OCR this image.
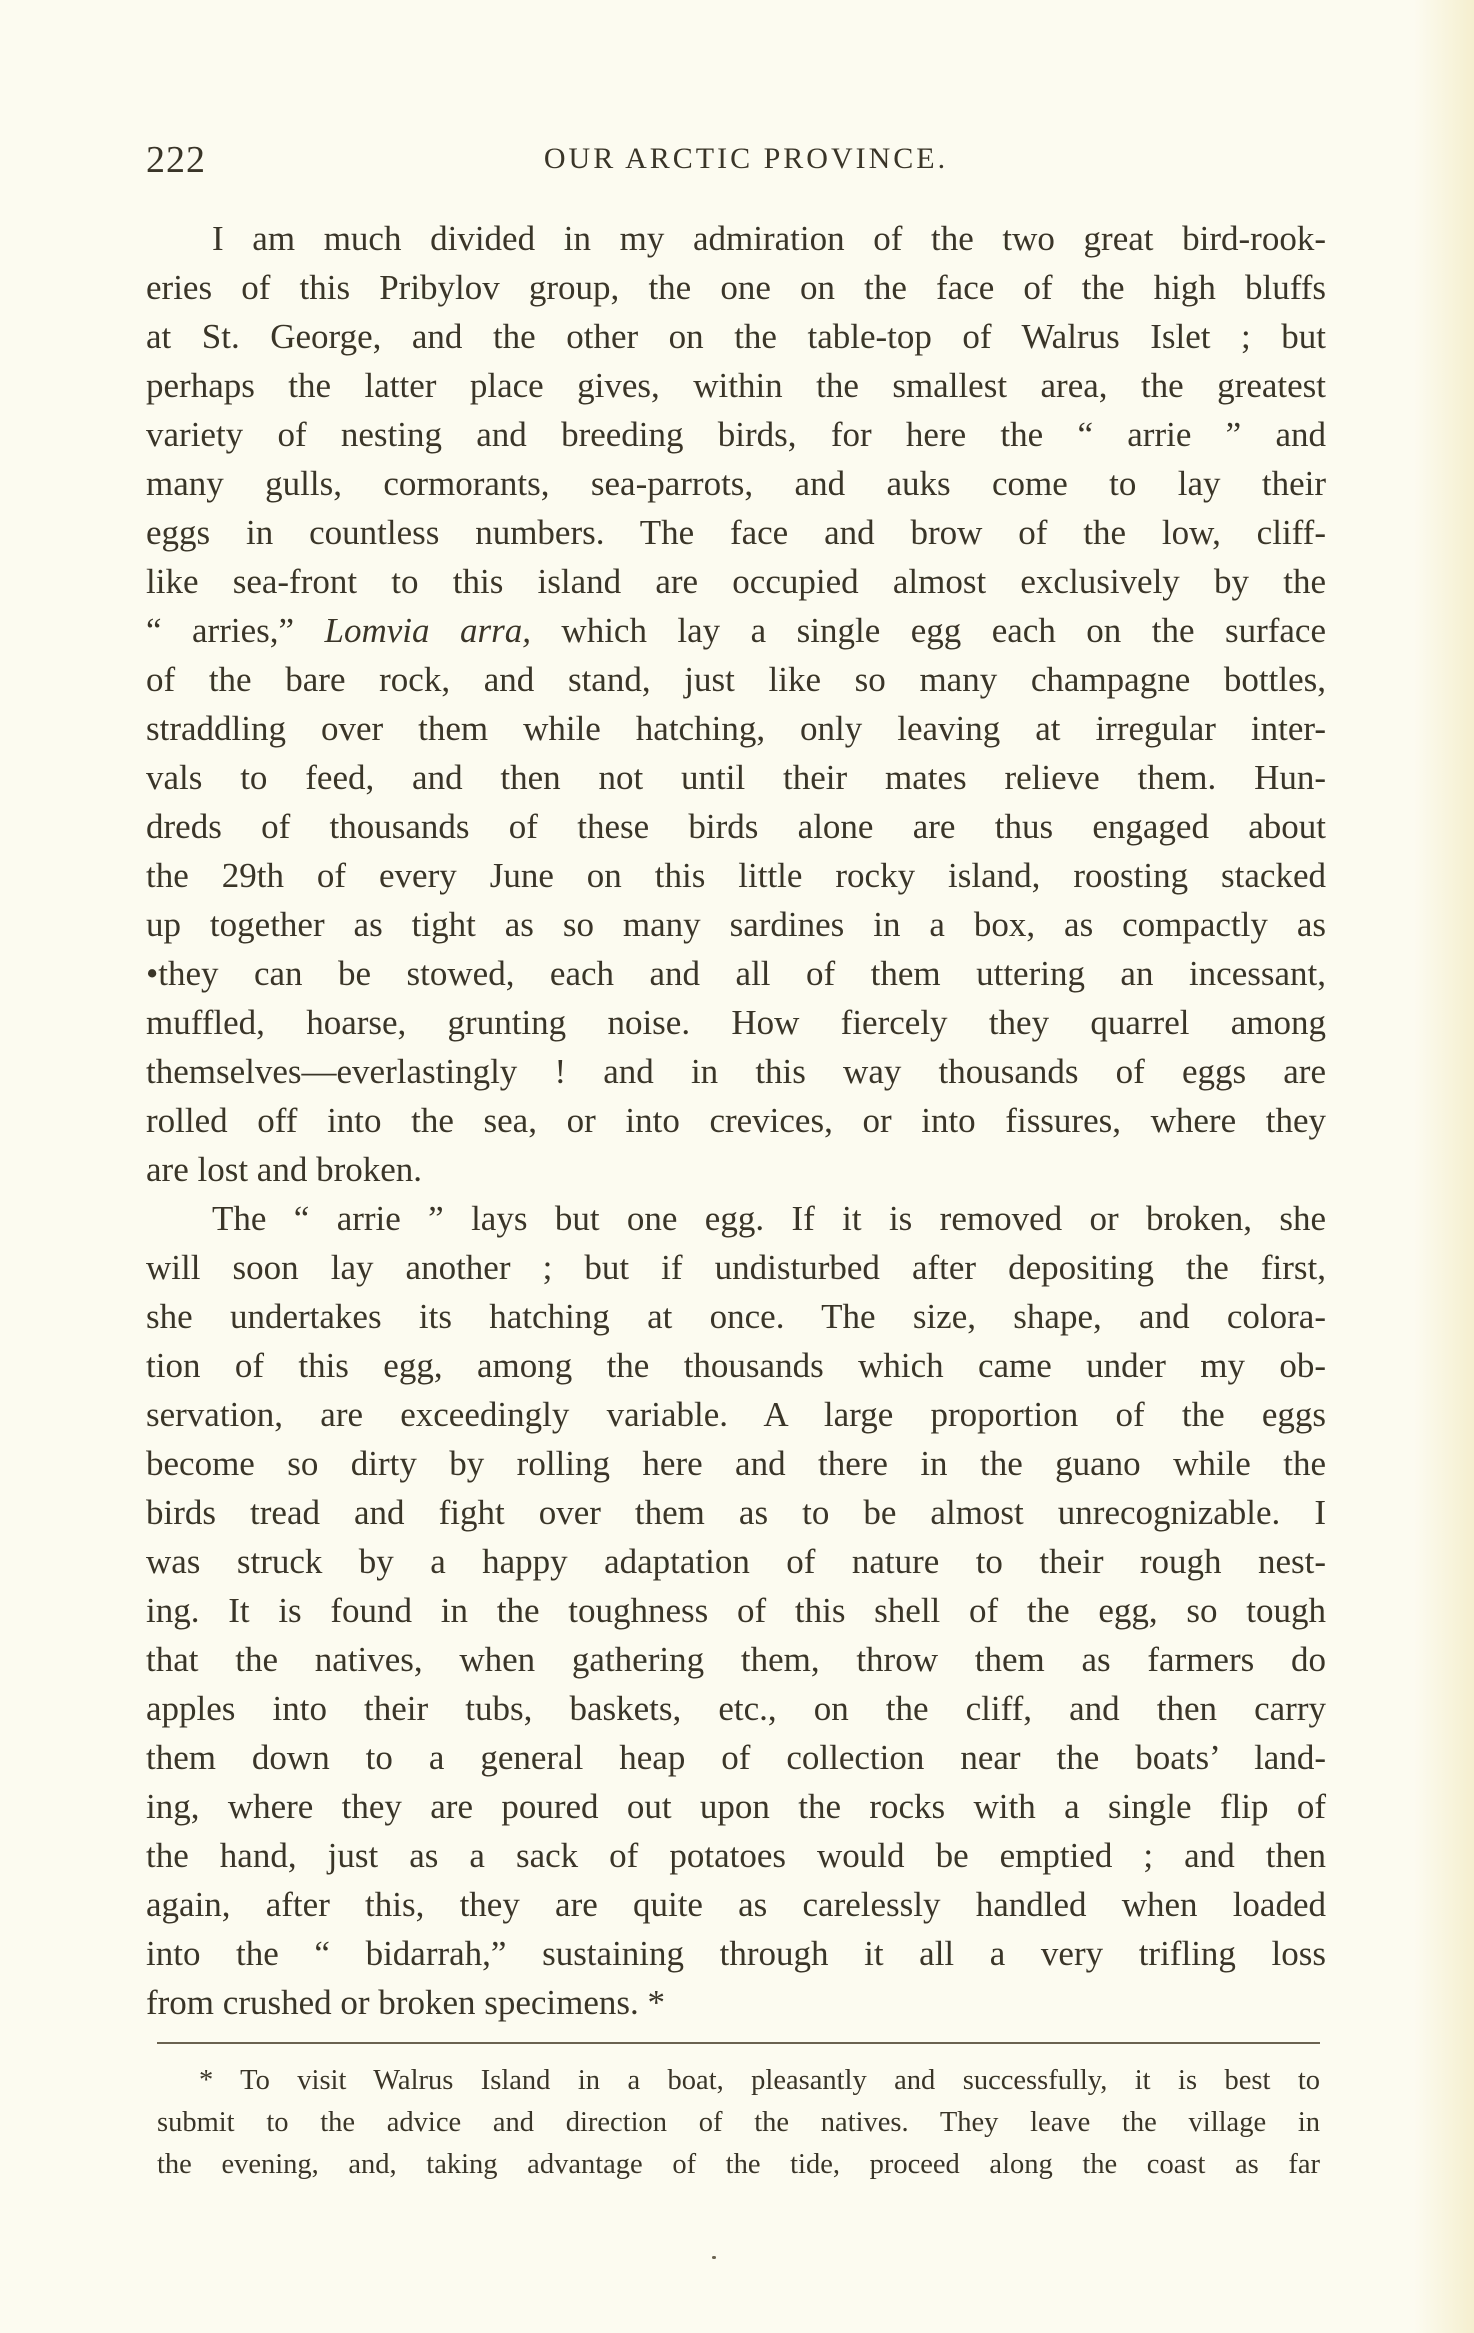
222	OUR ARCTIC PROVINCE.
I am much divided in my admiration of the two great bird-rook-
eries of this Pribylov group, the one on the face of the high bluffs
at St. George, and the other on the table-top of Walrus Islet ; but
perhaps the latter place gives, within the smallest area, the greatest
variety of nesting and breeding birds, for here the “ arrie ” and
many gulls, cormorants, sea-parrots, and auks come to lay their
eggs in countless numbers. The face and brow of the low, cliff-
like sea-front to this island are occupied almost exclusively by the
“ arries,” Lomvia arra, which lay a single egg each on the surface
of the bare rock, and stand, just like so many champagne bottles,
straddling over them while hatching, only leaving at irregular inter-
vals to feed, and then not until their mates relieve them. Hun-
dreds of thousands of these birds alone are thus engaged about
the 29th of every June on this little rocky island, roosting stacked
up together as tight as so many sardines in a box, as compactly as
•they can be stowed, each and all of them uttering an incessant,
muffled, hoarse, grunting noise. How fiercely they quarrel among
themselves—everlastingly ! and in this way thousands of eggs are
rolled off into the sea, or into crevices, or into fissures, where they
are lost and broken.
The “ arrie ” lays but one egg. If it is removed or broken, she
will soon lay another ; but if undisturbed after depositing the first,
she undertakes its hatching at once. The size, shape, and colora-
tion of this egg, among the thousands which came under my ob-
servation, are exceedingly variable. A large proportion of the eggs
become so dirty by rolling here and there in the guano while the
birds tread and fight over them as to be almost unrecognizable. I
was struck by a happy adaptation of nature to their rough nest-
ing. It is found in the toughness of this shell of the egg, so tough
that the natives, when gathering them, throw them as farmers do
apples into their tubs, baskets, etc., on the cliff, and then carry
them down to a general heap of collection near the boats’ land-
ing, where they are poured out upon the rocks with a single flip of
the hand, just as a sack of potatoes would be emptied ; and then
again, after this, they are quite as carelessly handled when loaded
into the “ bidarrah,” sustaining through it all a very trifling loss
from crushed or broken specimens. *
* To visit Walrus Island in a boat, pleasantly and successfully, it is best to
submit to the advice and direction of the natives. They leave the village in
the evening, and, taking advantage of the tide, proceed along the coast as far
